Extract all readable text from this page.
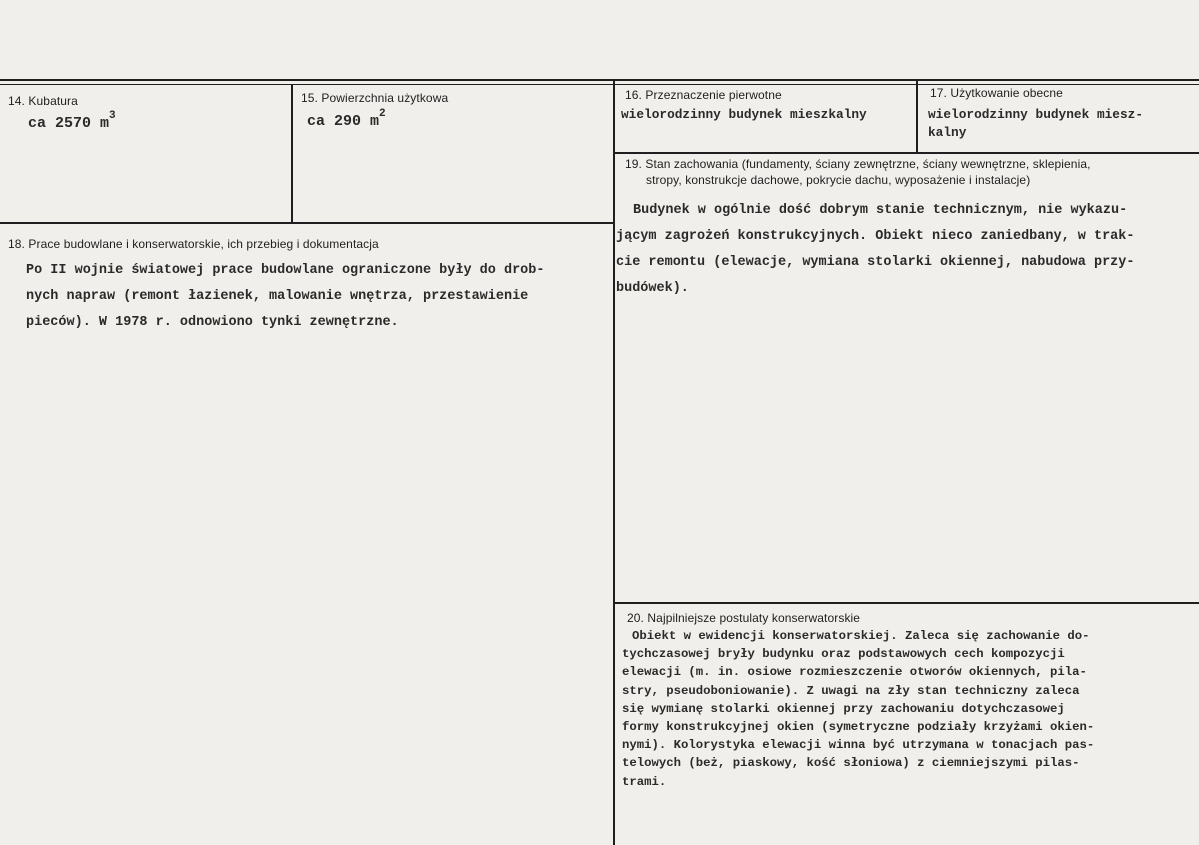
14. Kubatura
ca 2570 $m^3$
15. Powierzchnia użytkowa
ca 290 $m^2$
16. Przeznaczenie pierwotne
wielorodzinny budynek mieszkalny
17. Użytkowanie obecne
wielorodzinny budynek miesz-
kalny
19. Stan zachowania (fundamenty, ściany zewnętrzne, ściany wewnętrzne, sklepienia,
stropy, konstrukcje dachowe, pokrycie dachu, wyposażenie i instalacje)
Budynek w ogólnie dość dobrym stanie technicznym, nie wykazu-
jącym zagrożeń konstrukcyjnych. Obiekt nieco zaniedbany, w trak-
cie remontu (elewacje, wymiana stolarki okiennej, nabudowa przy-
budówek).
18. Prace budowlane i konserwatorskie, ich przebieg i dokumentacja
Po II wojnie światowej prace budowlane ograniczone były do drob-
nych napraw (remont łazienek, malowanie wnętrza, przestawienie
pieców). W 1978 r. odnowiono tynki zewnętrzne.
20. Najpilniejsze postulaty konserwatorskie
Obiekt w ewidencji konserwatorskiej. Zaleca się zachowanie do-
tychczasowej bryły budynku oraz podstawowych cech kompozycji
elewacji (m. in. osiowe rozmieszczenie otworów okiennych, pila-
stry, pseudoboniowanie). Z uwagi na zły stan techniczny zaleca
się wymianę stolarki okiennej przy zachowaniu dotychczasowej
formy konstrukcyjnej okien (symetryczne podziały krzyżami okien-
nymi). Kolorystyka elewacji winna być utrzymana w tonacjach pas-
telowych (beż, piaskowy, kość słoniowa) z ciemniejszymi pilas-
trami.
